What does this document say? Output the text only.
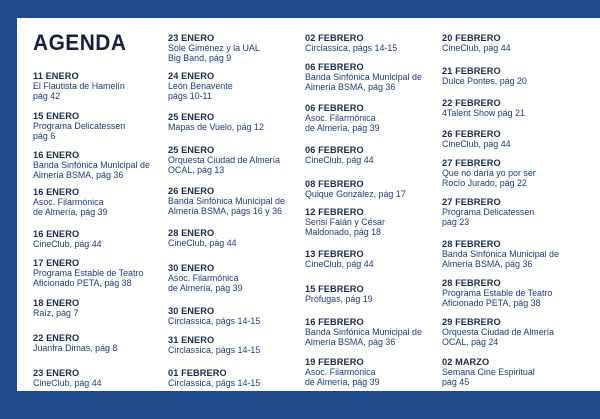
AGENDA
11 ENERO
El Flautista de Hamelín
pág 42
15 ENERO
Programa Delicatessen
pág 6
16 ENERO
Banda Sinfónica Municipal de
Almería BSMA, pág 36
16 ENERO
Asoc. Filarmónica
de Almería, pág 39
16 ENERO
CineClub, pág 44
17 ENERO
Programa Estable de Teatro
Aficionado PETA, pág 38
18 ENERO
Raíz, pág 7
22 ENERO
Juanfra Dimas, pág 8
23 ENERO
CineClub, pág 44
23 ENERO
Sole Giménez y la UAL
Big Band, pág 9
24 ENERO
León Benavente
págs 10-11
25 ENERO
Mapas de Vuelo, pág 12
25 ENERO
Orquesta Ciudad de Almería
OCAL, pág 13
26 ENERO
Banda Sinfónica Municipal de
Almería BSMA, págs 16 y 36
28 ENERO
CineClub, pág 44
30 ENERO
Asoc. Filarmónica
de Almería, pág 39
30 ENERO
Circlassica, págs 14-15
31 ENERO
Circlassica, págs 14-15
01 FEBRERO
Circlassica, págs 14-15
02 FEBRERO
Circlassica, págs 14-15
06 FEBRERO
Banda Sinfónica Municipal de
Almería BSMA, pág 36
06 FEBRERO
Asoc. Filarmónica
de Almería, pág 39
06 FEBRERO
CineClub, pág 44
08 FEBRERO
Quique González, pág 17
12 FEBRERO
Sensi Falán y César
Maldonado, pág 18
13 FEBRERO
CineClub, pág 44
15 FEBRERO
Prófugas, pág 19
16 FEBRERO
Banda Sinfónica Municipal de
Almería BSMA, pág 36
19 FEBRERO
Asoc. Filarmónica
de Almería, pág 39
20 FEBRERO
CineClub, pág 44
21 FEBRERO
Dulce Pontes, pág 20
22 FEBRERO
4Talent Show pág 21
26 FEBRERO
CineClub, pág 44
27 FEBRERO
Que no daría yo por ser
Rocío Jurado, pág 22
27 FEBRERO
Programa Delicatessen
pág 23
28 FEBRERO
Banda Sinfónica Municipal de
Almería BSMA, pág 36
28 FEBRERO
Programa Estable de Teatro
Aficionado PETA, pág 38
29 FEBRERO
Orquesta Ciudad de Almería
OCAL, pág 24
02 MARZO
Semana Cine Espiritual
pág 45
